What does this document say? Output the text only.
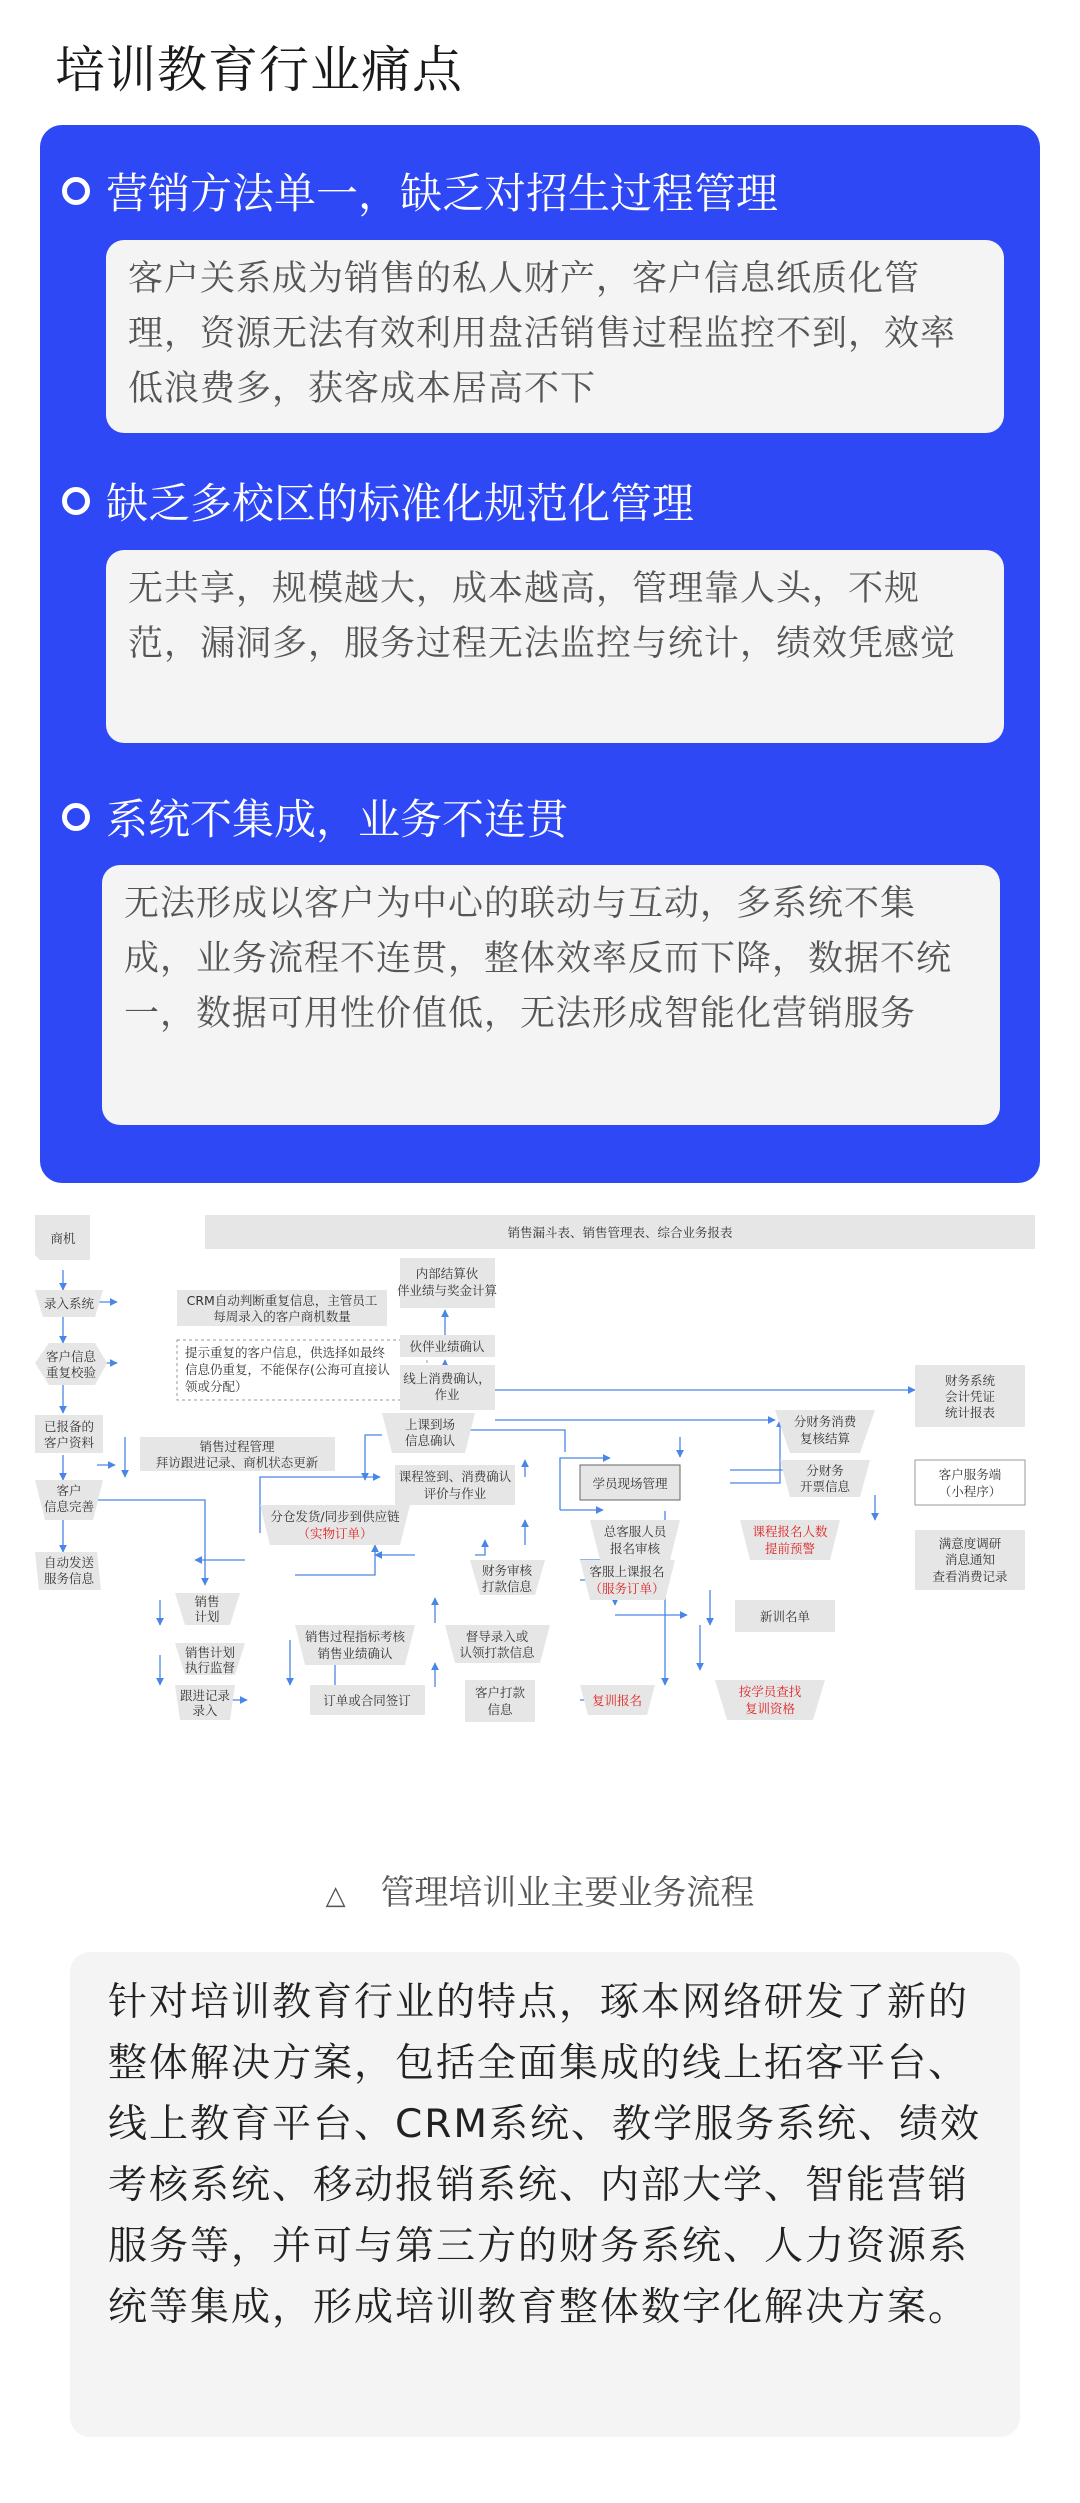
培训教育行业痛点
营销方法单一，缺乏对招生过程管理
客户关系成为销售的私人财产，客户信息纸质化管理，资源无法有效利用盘活销售过程监控不到，效率低浪费多，获客成本居高不下
缺乏多校区的标准化规范化管理
无共享，规模越大，成本越高，管理靠人头，不规范，漏洞多，服务过程无法监控与统计，绩效凭感觉
系统不集成，业务不连贯
无法形成以客户为中心的联动与互动，多系统不集成，业务流程不连贯，整体效率反而下降，数据不统一，数据可用性价值低，无法形成智能化营销服务
销售漏斗表、销售管理表、综合业务报表
商机
录入系统	CRM自动判断重复信息，主管员工
每周录入的客户商机数量
客户信息
重复校验
提示重复的客户信息，供选择如最终
信息仍重复，不能保存(公海可直接认
领或分配）
已报备的
客户资料	销售过程管理
拜访跟进记录、商机状态更新
客户
信息完善
自动发送
服务信息
内部结算伙
伴业绩与奖金计算
伙伴业绩确认
线上消费确认，
作业
上课到场
信息确认
财务系统
会计凭证
统计报表
分财务消费
复核结算
分财务
开票信息
客户服务端
（小程序）
课程签到、消费确认
评价与作业
学员现场管理
总客服人员
报名审核
课程报名人数
提前预警	满意度调研
消息通知
查看消费记录
分仓发货/同步到供应链
（实物订单）
财务审核
打款信息
客服上课报名
（服务订单）
新训名单
销售
计划
销售计划
执行监督
销售过程指标考核
销售业绩确认
督导录入或
认领打款信息
跟进记录
录入
订单或合同签订
客户打款
信息
复训报名
按学员查找
复训资格
△ 管理培训业主要业务流程
针对培训教育行业的特点，琢本网络研发了新的整体解决方案，包括全面集成的线上拓客平台、线上教育平台、CRM系统、教学服务系统、绩效考核系统、移动报销系统、内部大学、智能营销服务等，并可与第三方的财务系统、人力资源系统等集成，形成培训教育整体数字化解决方案。
